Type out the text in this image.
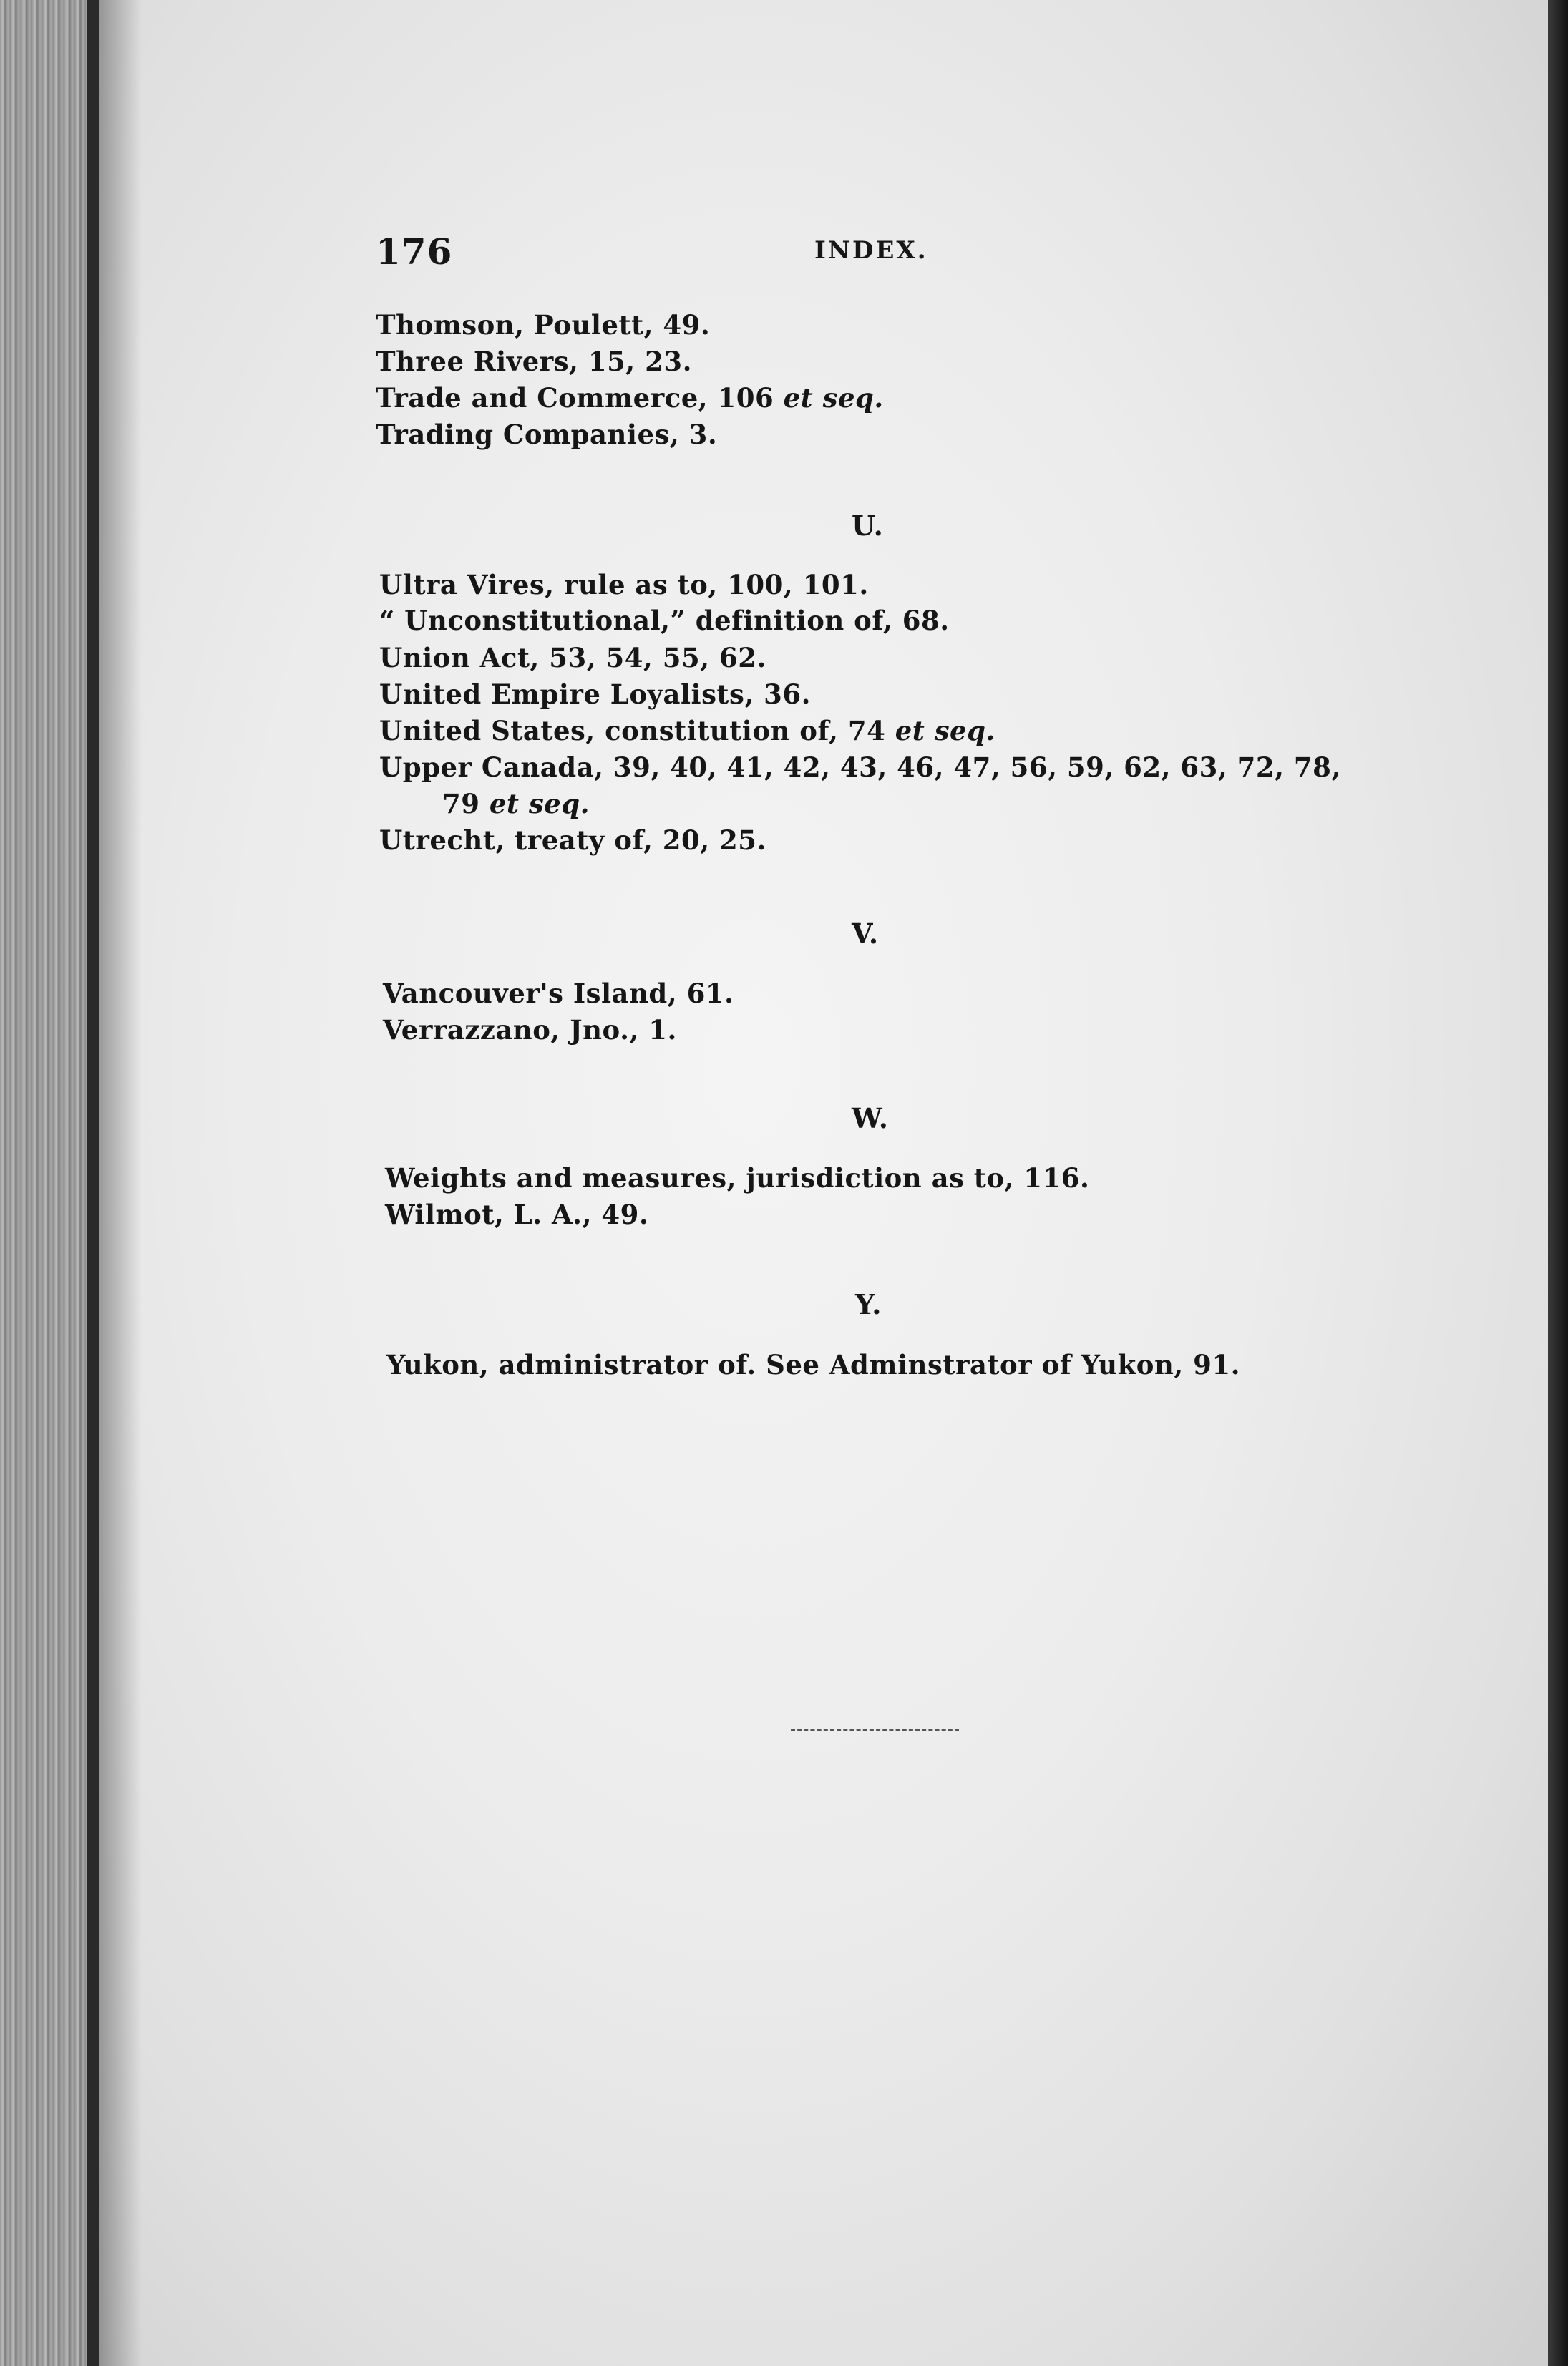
176	INDEX.
Thomson, Poulett, 49.
Three Rivers, 15, 23.
Trade and Commerce, 106 et seq.
Trading Companies, 3.
U.
Ultra Vires, rule as to, 100, 101.
“ Unconstitutional,” definition of, 68.
Union Act, 53, 54, 55, 62.
United Empire Loyalists, 36.
United States, constitution of, 74 et seq.
Upper Canada, 39, 40, 41, 42, 43, 46, 47, 56, 59, 62, 63, 72, 78,
79 et seq.
Utrecht, treaty of, 20, 25.
V.
Vancouver's Island, 61.
Verrazzano, Jno., 1.
W.
Weights and measures, jurisdiction as to, 116.
Wilmot, L. A., 49.
Y.
Yukon, administrator of. See Adminstrator of Yukon, 91.
